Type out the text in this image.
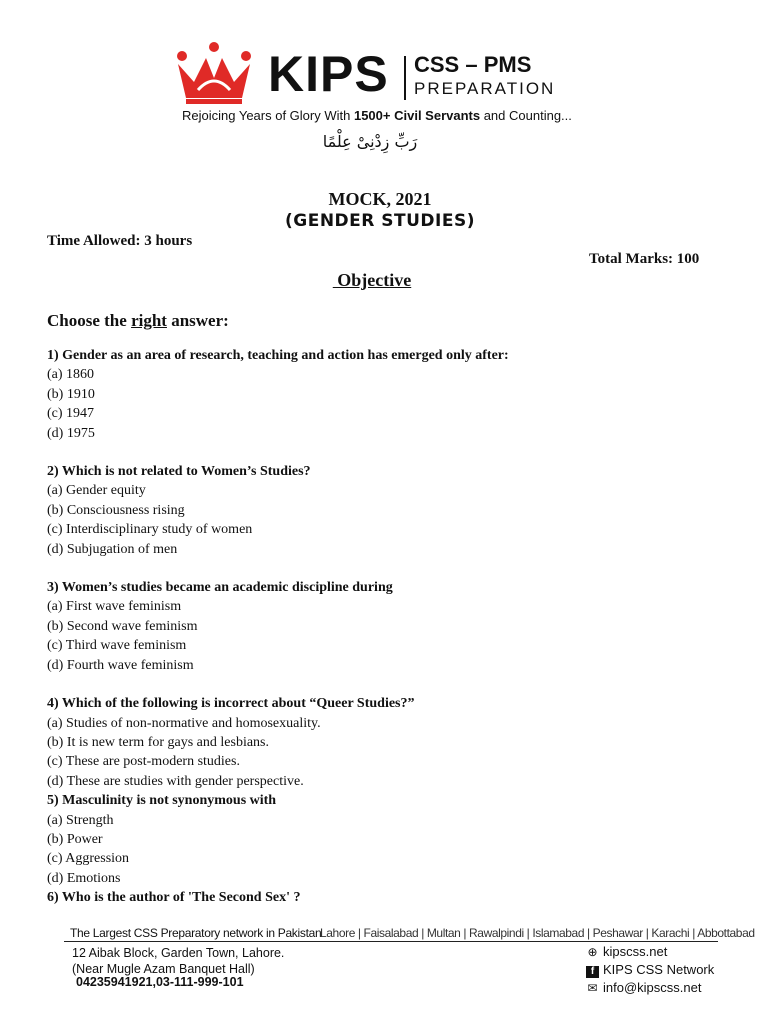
KIPS CSS – PMS
PREPARATION
Rejoicing Years of Glory With 1500+ Civil Servants and Counting...
رَبِّ زِدْنِیْ عِلْمًا
MOCK, 2021
(GENDER STUDIES)
Time Allowed: 3 hours
Total Marks: 100
Objective
Choose the right answer:
1) Gender as an area of research, teaching and action has emerged only after:
(a) 1860
(b) 1910
(c) 1947
(d) 1975
2) Which is not related to Women’s Studies?
(a) Gender equity
(b) Consciousness rising
(c) Interdisciplinary study of women
(d) Subjugation of men
3) Women’s studies became an academic discipline during
(a) First wave feminism
(b) Second wave feminism
(c) Third wave feminism
(d) Fourth wave feminism
4) Which of the following is incorrect about “Queer Studies?”
(a) Studies of non-normative and homosexuality.
(b) It is new term for gays and lesbians.
(c) These are post-modern studies.
(d) These are studies with gender perspective.
5) Masculinity is not synonymous with
(a) Strength
(b) Power
(c) Aggression
(d) Emotions
6) Who is the author of 'The Second Sex' ?
The Largest CSS Preparatory network in Pakistan
Lahore | Faisalabad | Multan | Rawalpindi | Islamabad | Peshawar | Karachi | Abbottabad
12 Aibak Block, Garden Town, Lahore.
(Near Mugle Azam Banquet Hall)
04235941921,03-111-999-101
⊕ kipscss.net
f KIPS CSS Network
✉ info@kipscss.net
